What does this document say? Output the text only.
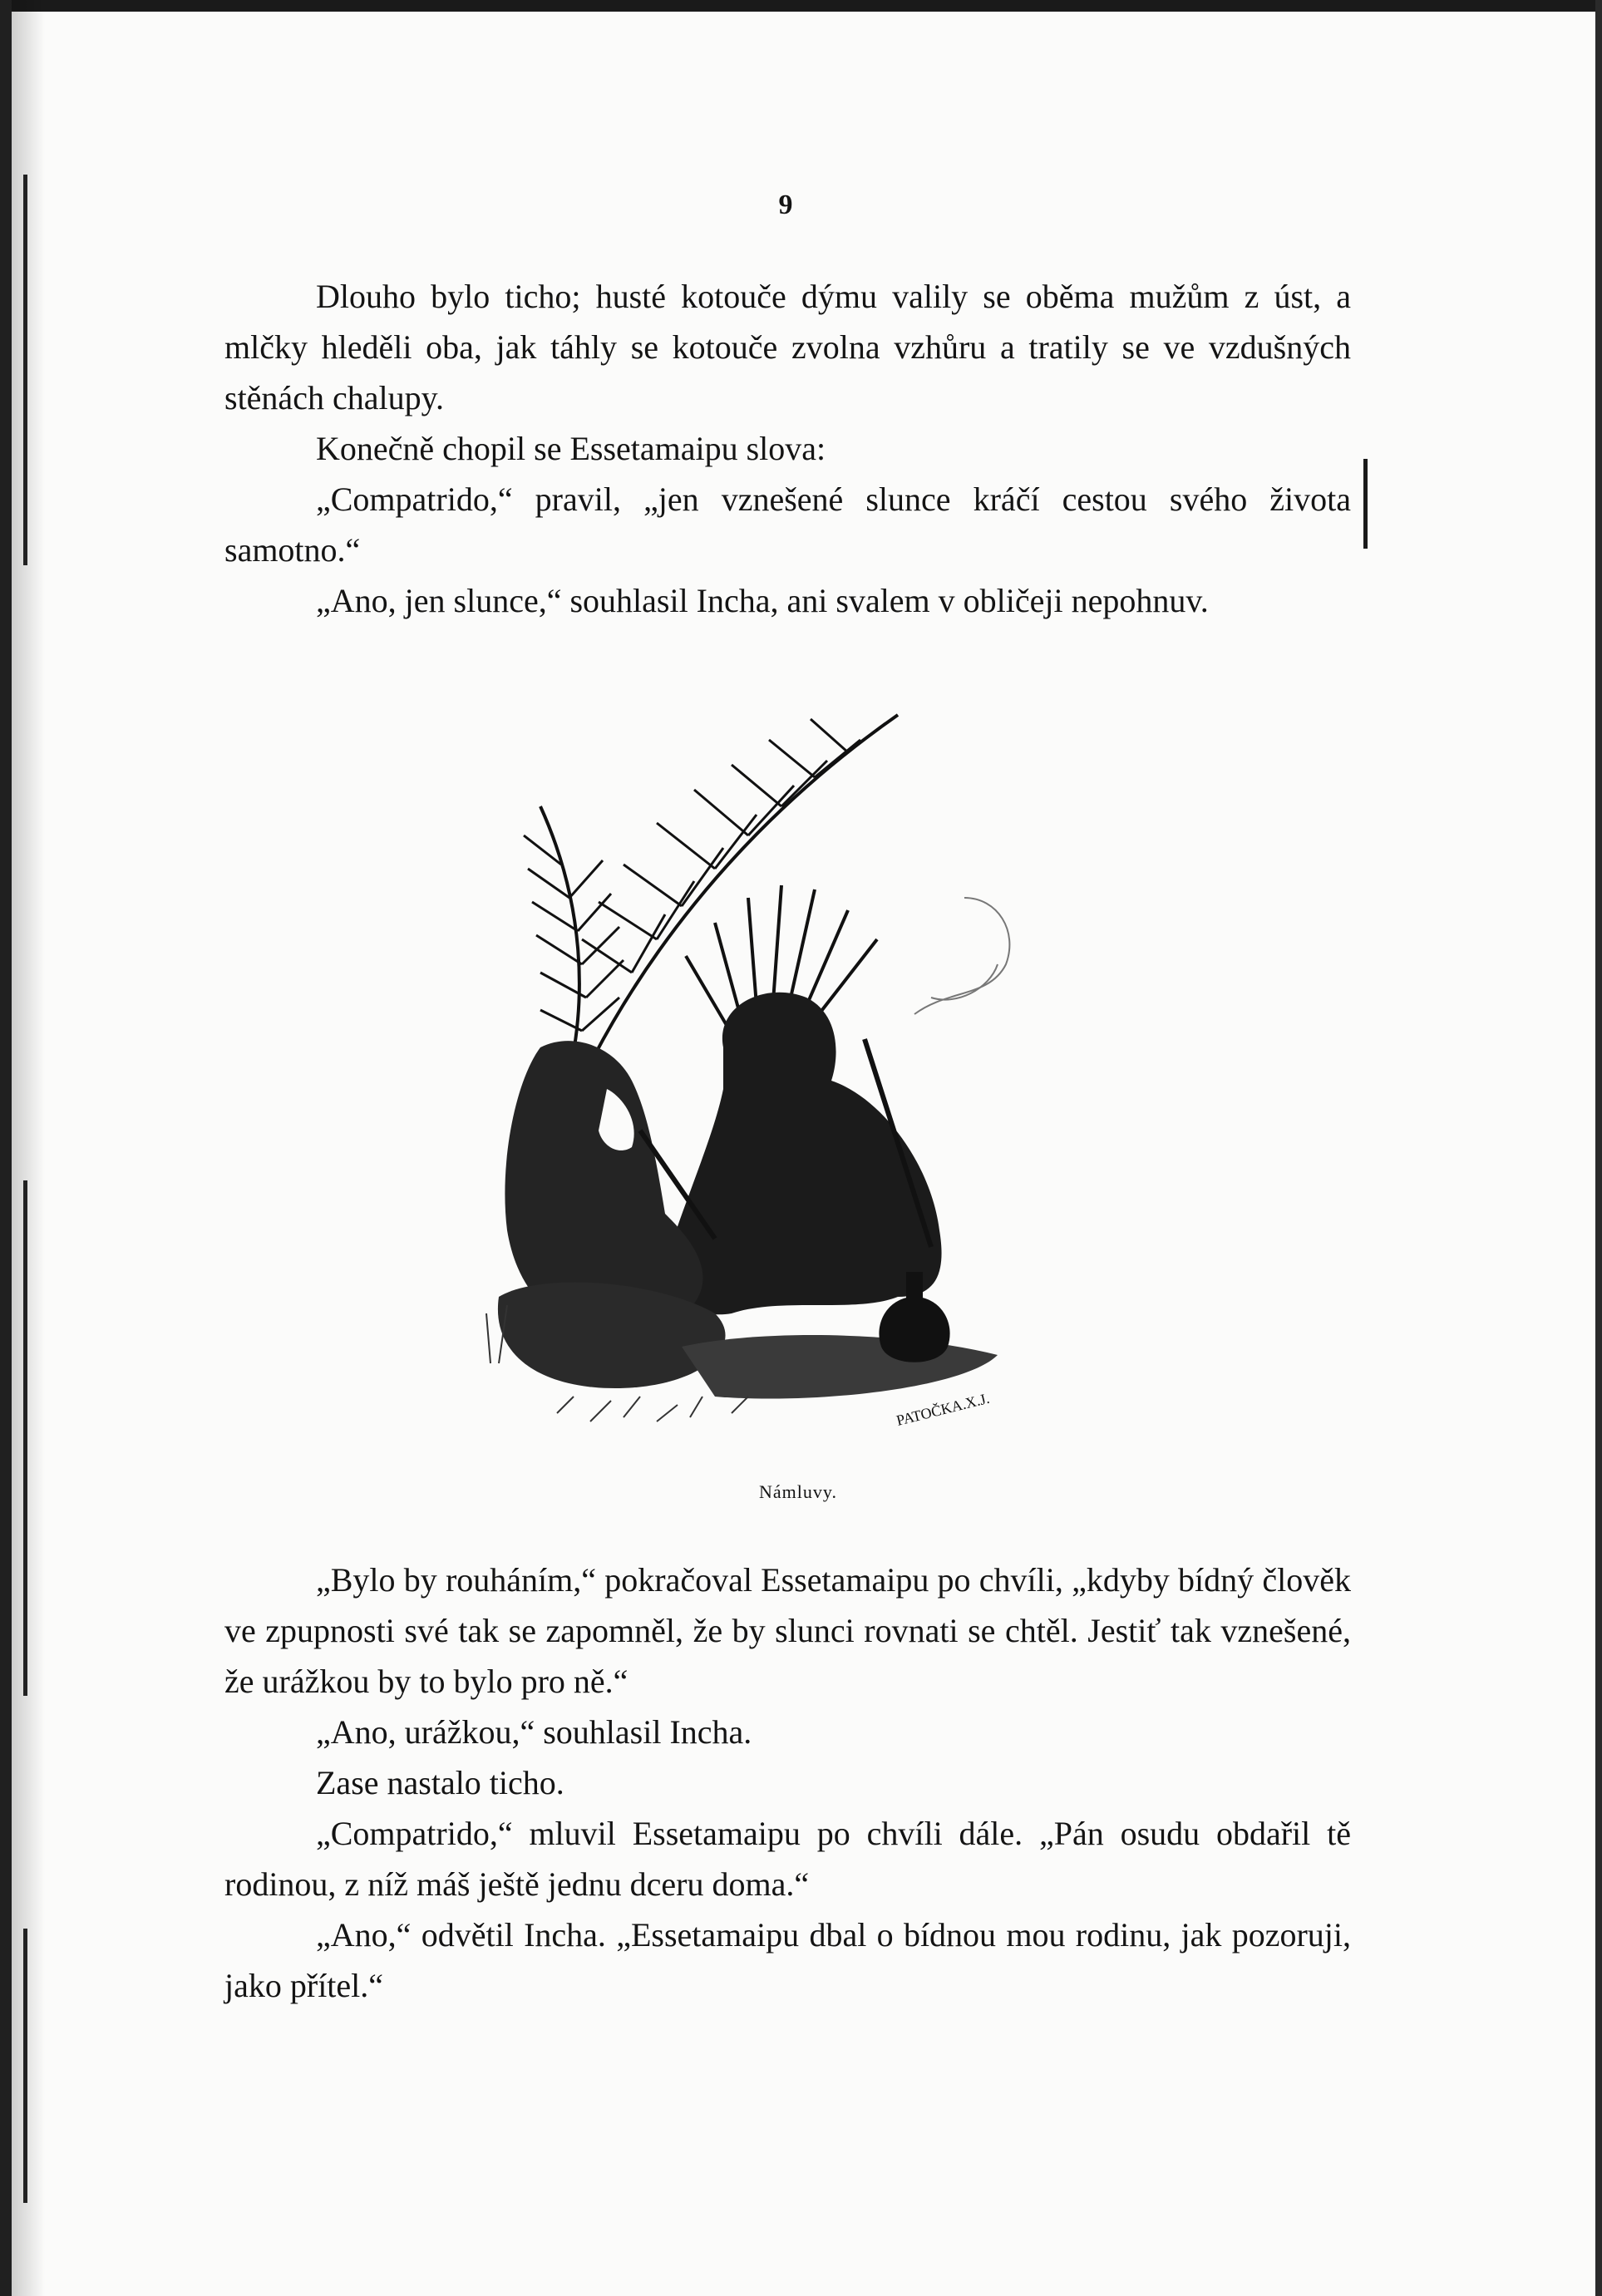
9

Dlouho bylo ticho; husté kotouče dýmu valily se oběma mužům z úst, a mlčky hleděli oba, jak táhly se kotouče zvolna vzhůru a tratily se ve vzdušných stěnách chalupy.

Konečně chopil se Essetamaipu slova:

„Compatrido,“ pravil, „jen vznešené slunce kráčí cestou svého života samotno.“

„Ano, jen slunce,“ souhlasil Incha, ani svalem v obličeji nepohnuv.

PATOČKA.X.J.
Námluvy.

„Bylo by rouháním,“ pokračoval Essetamaipu po chvíli, „kdyby bídný člověk ve zpupnosti své tak se zapomněl, že by slunci rovnati se chtěl. Jestiť tak vznešené, že urážkou by to bylo pro ně.“

„Ano, urážkou,“ souhlasil Incha.

Zase nastalo ticho.

„Compatrido,“ mluvil Essetamaipu po chvíli dále. „Pán osudu obdařil tě rodinou, z níž máš ještě jednu dceru doma.“

„Ano,“ odvětil Incha. „Essetamaipu dbal o bídnou mou rodinu, jak pozoruji, jako přítel.“
